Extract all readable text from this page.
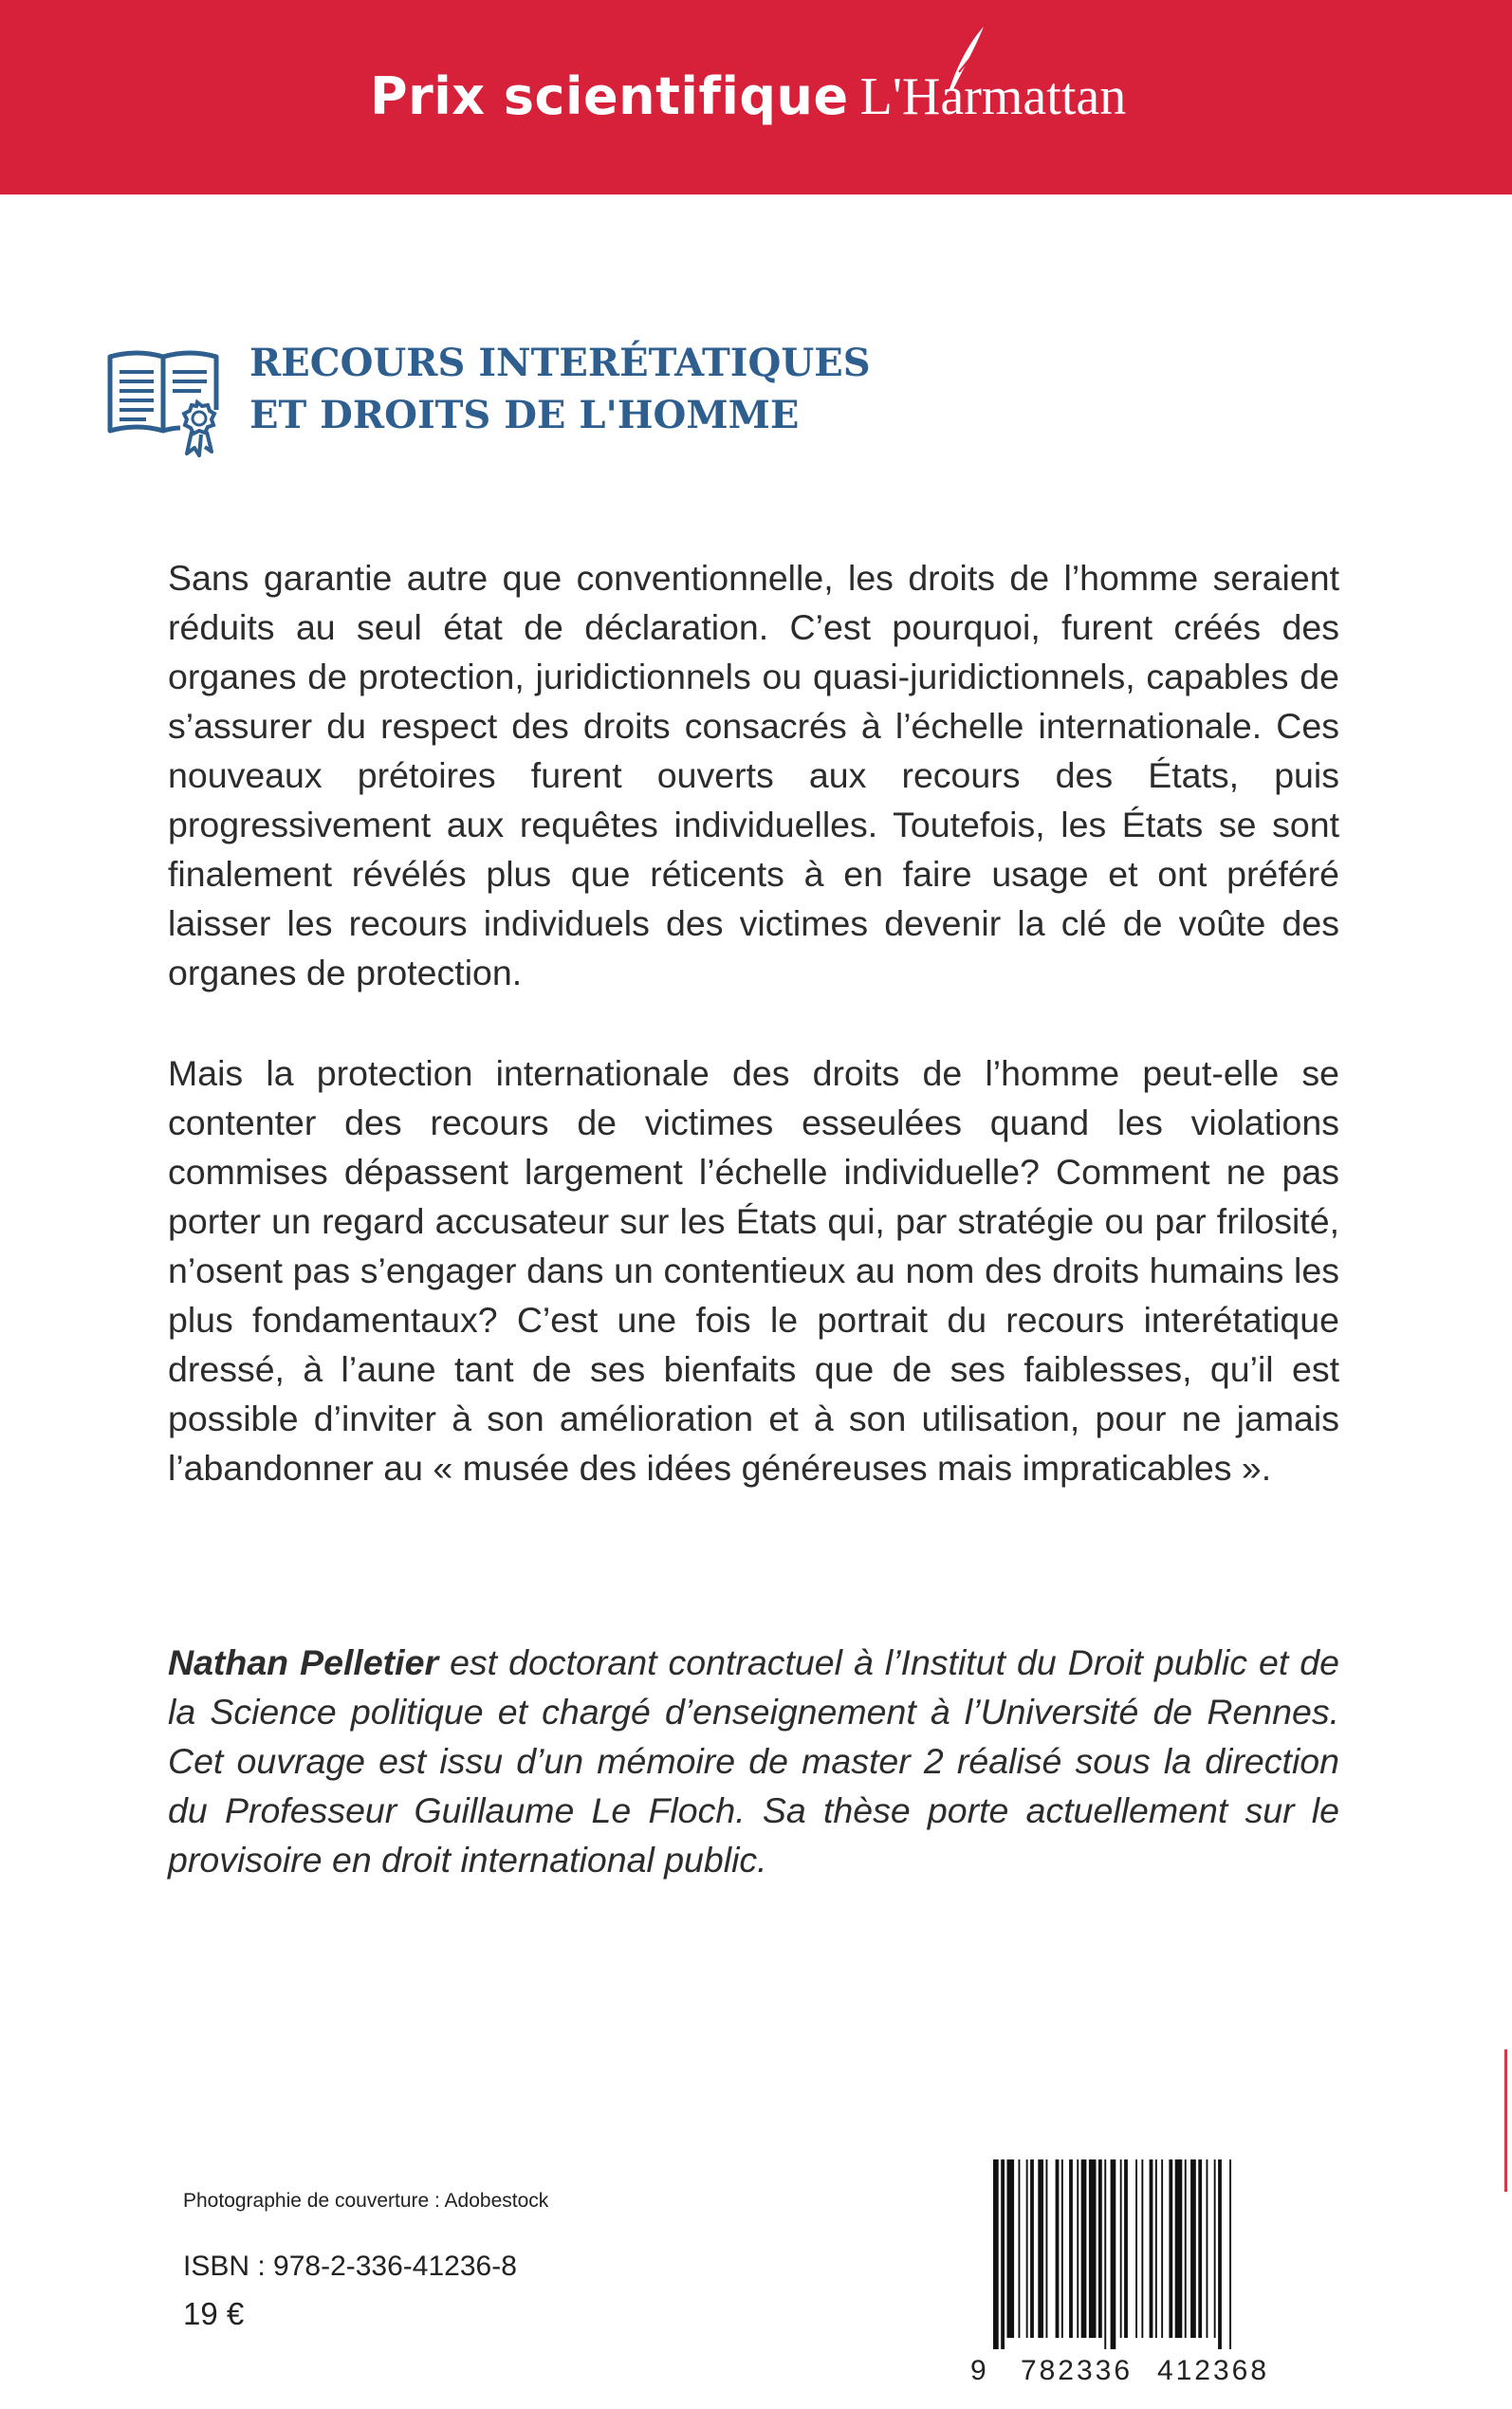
Prix scientifique L'Harmattan
RECOURS INTERÉTATIQUES
ET DROITS DE L'HOMME

Sans garantie autre que conventionnelle, les droits de l’homme seraient réduits au seul état de déclaration. C’est pourquoi, furent créés des organes de protection, juridictionnels ou quasi-juridictionnels, capables de s’assurer du respect des droits consacrés à l’échelle internationale. Ces nouveaux prétoires furent ouverts aux recours des États, puis progressivement aux requêtes individuelles. Toutefois, les États se sont finalement révélés plus que réticents à en faire usage et ont préféré laisser les recours individuels des victimes devenir la clé de voûte des organes de protection.

Mais la protection internationale des droits de l’homme peut-elle se contenter des recours de victimes esseulées quand les violations commises dépassent largement l’échelle individuelle? Comment ne pas porter un regard accusateur sur les États qui, par stratégie ou par frilosité, n’osent pas s’engager dans un contentieux au nom des droits humains les plus fondamentaux? C’est une fois le portrait du recours interétatique dressé, à l’aune tant de ses bienfaits que de ses faiblesses, qu’il est possible d’inviter à son amélioration et à son utilisation, pour ne jamais l’abandonner au « musée des idées généreuses mais impraticables ».

Nathan Pelletier est doctorant contractuel à l’Institut du Droit public et de la Science politique et chargé d’enseignement à l’Université de Rennes. Cet ouvrage est issu d’un mémoire de master 2 réalisé sous la direction du Professeur Guillaume Le Floch. Sa thèse porte actuellement sur le provisoire en droit international public.

Photographie de couverture : Adobestock
ISBN : 978-2-336-41236-8
19 €
9 782336 412368
